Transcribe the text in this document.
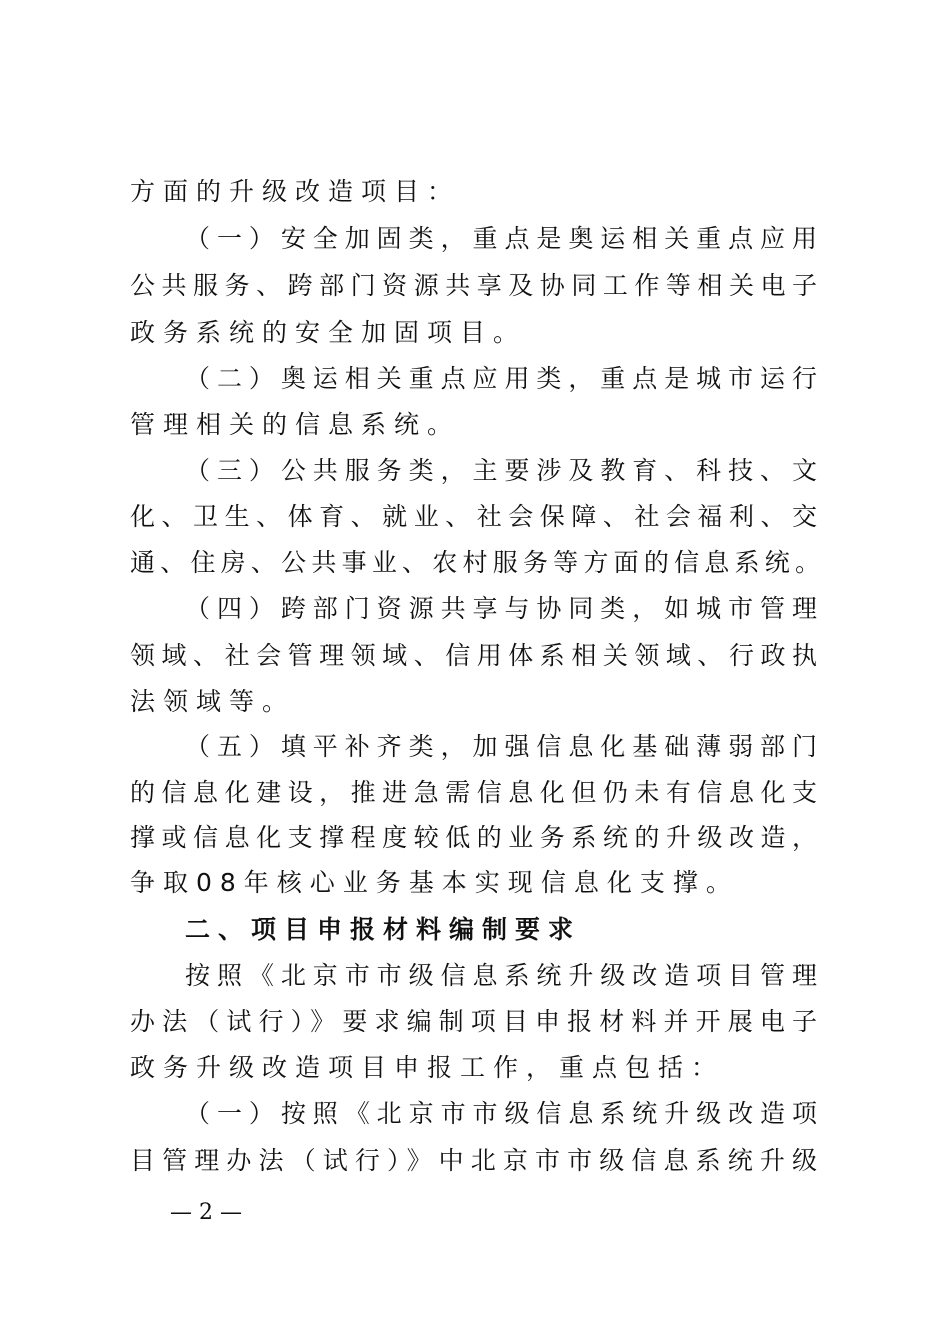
方面的升级改造项目：
（一）安全加固类，重点是奥运相关重点应用
公共服务、跨部门资源共享及协同工作等相关电子
政务系统的安全加固项目。
（二）奥运相关重点应用类，重点是城市运行
管理相关的信息系统。
（三）公共服务类，主要涉及教育、科技、文
化、卫生、体育、就业、社会保障、社会福利、交
通、住房、公共事业、农村服务等方面的信息系统。
（四）跨部门资源共享与协同类，如城市管理
领域、社会管理领域、信用体系相关领域、行政执
法领域等。
（五）填平补齐类，加强信息化基础薄弱部门
的信息化建设，推进急需信息化但仍未有信息化支
撑或信息化支撑程度较低的业务系统的升级改造，
争取08年核心业务基本实现信息化支撑。
二、项目申报材料编制要求
按照《北京市市级信息系统升级改造项目管理
办法（试行）》要求编制项目申报材料并开展电子
政务升级改造项目申报工作，重点包括：
（一）按照《北京市市级信息系统升级改造项
目管理办法（试行）》中北京市市级信息系统升级
— 2 —
